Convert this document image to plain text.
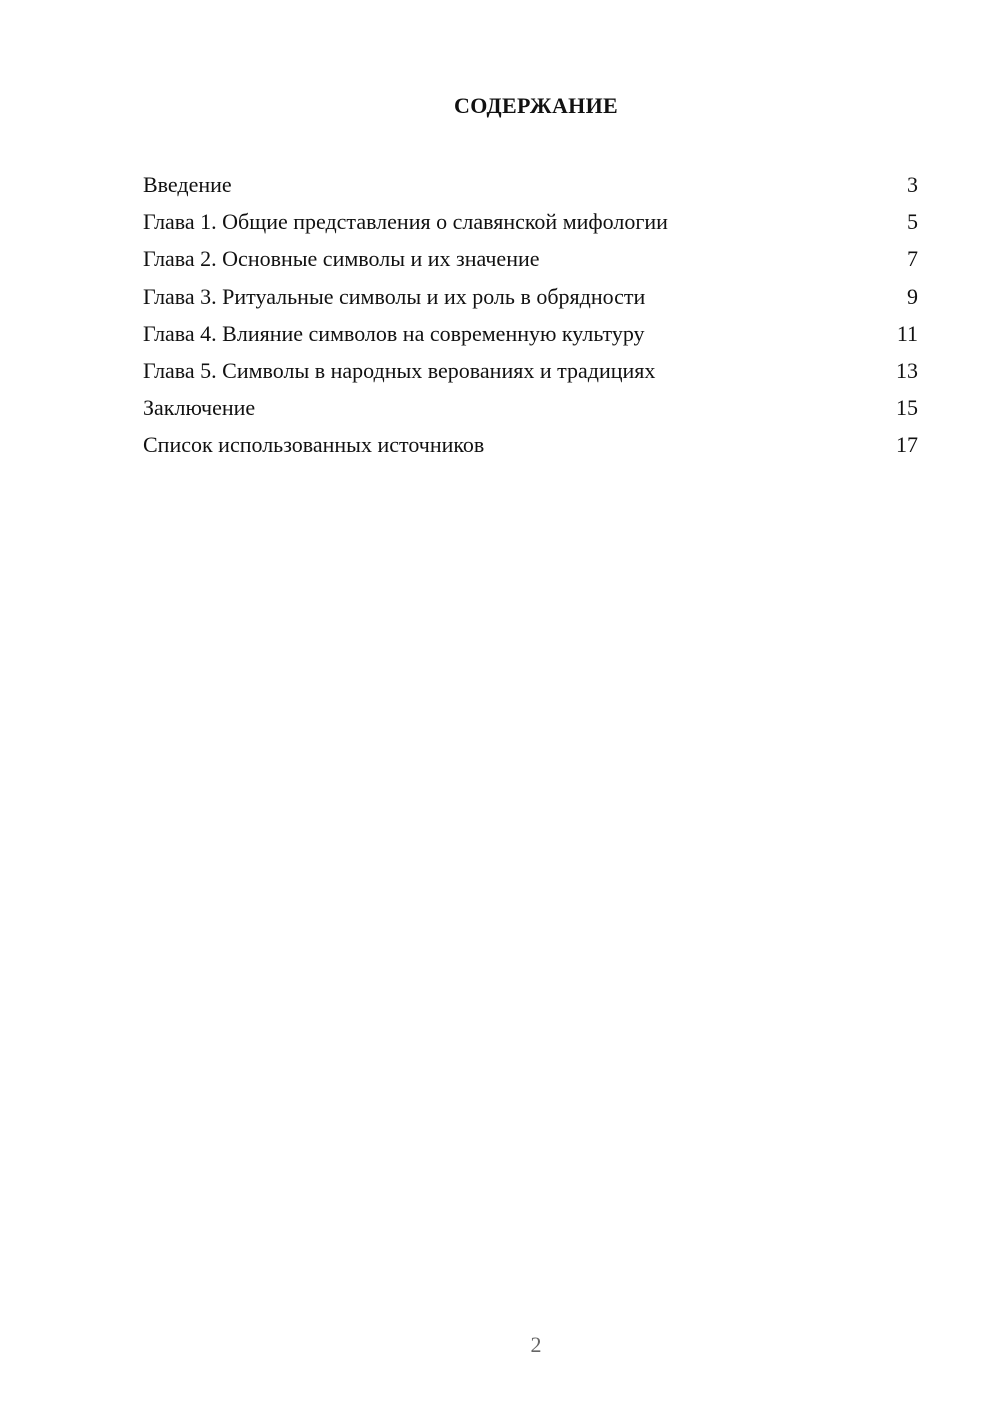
СОДЕРЖАНИЕ
Введение	3
Глава 1. Общие представления о славянской мифологии	5
Глава 2. Основные символы и их значение	7
Глава 3. Ритуальные символы и их роль в обрядности	9
Глава 4. Влияние символов на современную культуру	11
Глава 5. Символы в народных верованиях и традициях	13
Заключение	15
Список использованных источников	17
2
